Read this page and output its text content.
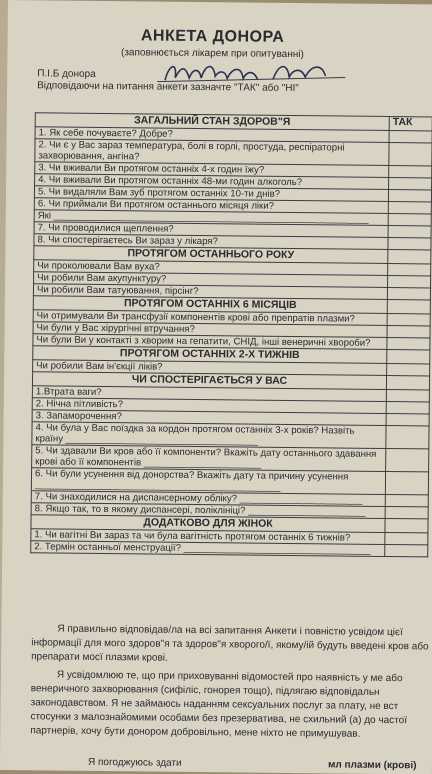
АНКЕТА ДОНОРА
(заповнюється лікарем при опитуванні)
П.І.Б донора
Відповідаючи на питання анкети зазначте "ТАК" або "НІ"
ЗАГАЛЬНИЙ СТАН ЗДОРОВ"Я	ТАК
1. Як себе почуваєте? Добре?	
2. Чи є у Вас зараз температура, болі в горлі, простуда, респіраторні захворювання, ангіна?	
3. Чи вживали Ви протягом останніх 4-х годин їжу?	
4. Чи вживали Ви протягом останніх 48-ми годин алкоголь?	
5. Чи видаляли Вам зуб протягом останніх 10-ти днів?	
6. Чи приймали Ви протягом останнього місяця ліки?	
Які ___________________________________________________________	
7. Чи проводилися щеплення?	
8. Чи спостерігаєтесь Ви зараз у лікаря?	
ПРОТЯГОМ ОСТАННЬОГО РОКУ	
Чи проколювали Вам вуха?	
Чи робили Вам акупунктуру?	
Чи робили Вам татуювання, пірсінг?	
ПРОТЯГОМ ОСТАННІХ 6 МІСЯЦІВ	
Чи отримували Ви трансфузії компонентів крові або препратів плазми?	
Чи були у Вас хірургічні втручання?	
Чи були Ви у контакті з хворим на гепатити, СНІД, інші венеричні хвороби?	
ПРОТЯГОМ ОСТАННІХ 2-Х ТИЖНІВ	
Чи робили Вам ін'єкції ліків?	
ЧИ СПОСТЕРІГАЄТЬСЯ У ВАС	
1.Втрата ваги?	
2. Нічна пітливість?	
3. Запаморочення?	
4. Чи була у Вас поїздка за кордон протягом останніх 3-х років? Назвіть країну ____________________________________	
5. Чи здавали Ви кров або її компоненти? Вкажіть дату останнього здавання крові або її компонентів ______________________	
6. Чи були усунення від донорства? Вкажіть дату та причину усунення ______________________________________________	
7. Чи знаходилися на диспансерному обліку? _______________________	
8. Якщо так, то в якому диспансері, поліклініці? ______________________	
ДОДАТКОВО ДЛЯ ЖІНОК	
1. Чи вагітні Ви зараз та чи була вагітність протягом останніх 6 тижнів?	
2. Термін останньої менструації? ___________________________________	
Я правильно відповідав/ла на всі запитання Анкети і повністю усвідом цієї інформації для мого здоров"я та здоров"я хворого/ї, якому/ій будуть введені кров або препарати мосї плазми крові.
Я усвідомлюю те, що при приховуванні відомостей про наявність у ме або венеричного захворювання (сифіліс, гонорея тощо), підлягаю відповідальн законодавством. Я не займаюсь наданням сексуальних послуг за плату, не вст стосунки з малознайомими особами без презерватива, не схильний (а) до частої партнерів, хочу бути донором добровільно, мене ніхто не примушував.
Я погоджуюсь здати	мл плазми (крові)
